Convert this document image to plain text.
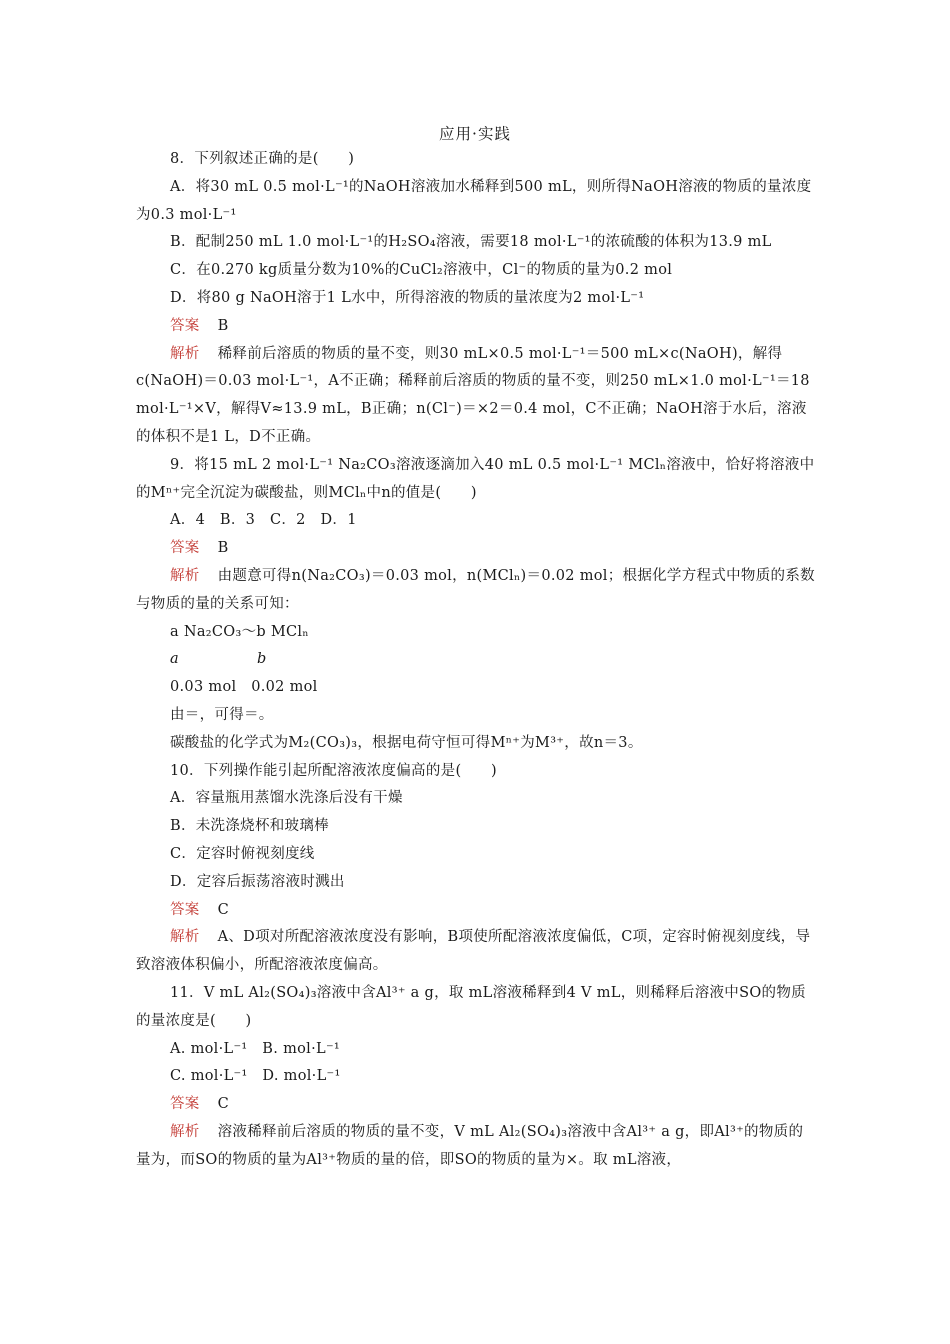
应用·实践

8．下列叙述正确的是(　　)

A．将30 mL 0.5 mol·L⁻¹的NaOH溶液加水稀释到500 mL，则所得NaOH溶液的物质的量浓度为0.3 mol·L⁻¹

B．配制250 mL 1.0 mol·L⁻¹的H₂SO₄溶液，需要18 mol·L⁻¹的浓硫酸的体积为13.9 mL

C．在0.270 kg质量分数为10%的CuCl₂溶液中，Cl⁻的物质的量为0.2 mol

D．将80 g NaOH溶于1 L水中，所得溶液的物质的量浓度为2 mol·L⁻¹

答案 B

解析 稀释前后溶质的物质的量不变，则30 mL×0.5 mol·L⁻¹＝500 mL×c(NaOH)，解得c(NaOH)＝0.03 mol·L⁻¹，A不正确；稀释前后溶质的物质的量不变，则250 mL×1.0 mol·L⁻¹＝18 mol·L⁻¹×V，解得V≈13.9 mL，B正确；n(Cl⁻)＝×2＝0.4 mol，C不正确；NaOH溶于水后，溶液的体积不是1 L，D不正确。

9．将15 mL 2 mol·L⁻¹ Na₂CO₃溶液逐滴加入40 mL 0.5 mol·L⁻¹ MClₙ溶液中，恰好将溶液中的Mⁿ⁺完全沉淀为碳酸盐，则MClₙ中n的值是(　　)

A．4　B．3　C．2　D．1

答案 B

解析 由题意可得n(Na₂CO₃)＝0.03 mol，n(MClₙ)＝0.02 mol；根据化学方程式中物质的系数与物质的量的关系可知：

a Na₂CO₃～b MClₙ

a	b

0.03 mol　0.02 mol

由＝，可得＝。

碳酸盐的化学式为M₂(CO₃)₃，根据电荷守恒可得Mⁿ⁺为M³⁺，故n＝3。

10．下列操作能引起所配溶液浓度偏高的是(　　)

A．容量瓶用蒸馏水洗涤后没有干燥

B．未洗涤烧杯和玻璃棒

C．定容时俯视刻度线

D．定容后振荡溶液时溅出

答案 C

解析 A、D项对所配溶液浓度没有影响，B项使所配溶液浓度偏低，C项，定容时俯视刻度线，导致溶液体积偏小，所配溶液浓度偏高。

11．V mL Al₂(SO₄)₃溶液中含Al³⁺ a g，取 mL溶液稀释到4 V mL，则稀释后溶液中SO的物质的量浓度是(　　)

A. mol·L⁻¹　B. mol·L⁻¹

C. mol·L⁻¹　D. mol·L⁻¹

答案 C

解析 溶液稀释前后溶质的物质的量不变，V mL Al₂(SO₄)₃溶液中含Al³⁺ a g，即Al³⁺的物质的量为，而SO的物质的量为Al³⁺物质的量的倍，即SO的物质的量为×。取 mL溶液，
